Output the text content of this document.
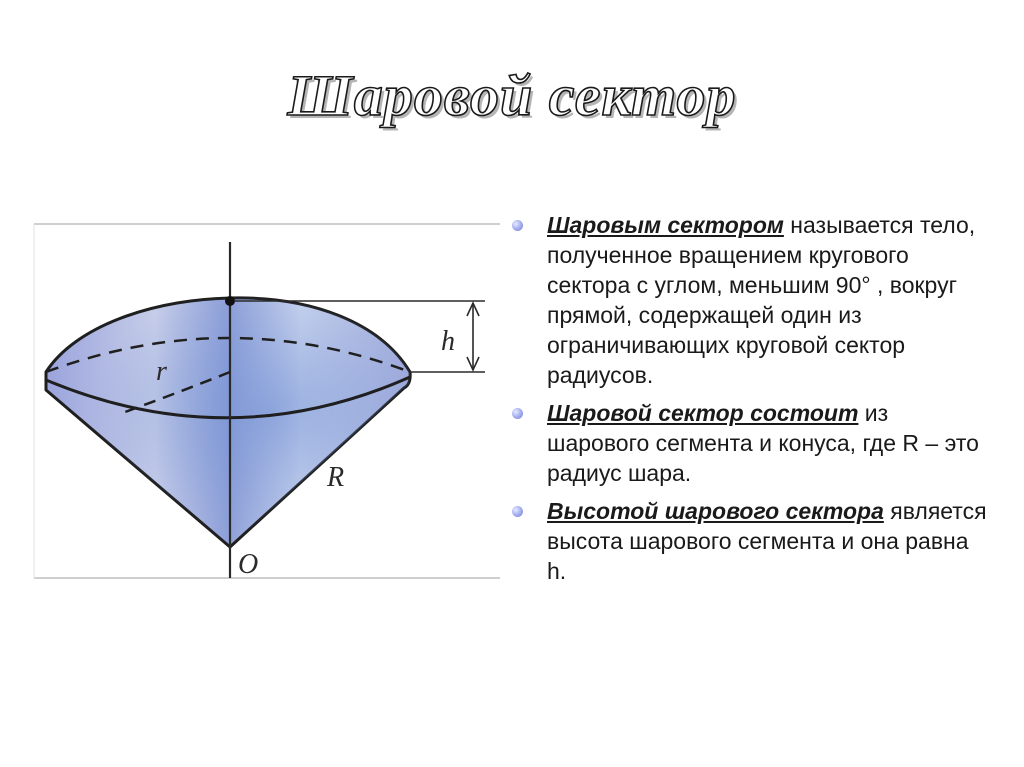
Шаровой сектор
r
h
R
O
Шаровым сектором называется тело, полученное вращением кругового сектора с углом, меньшим 90° , вокруг прямой, содержащей один из ограничивающих круговой сектор радиусов.
Шаровой сектор состоит из шарового сегмента и конуса, где R – это радиус шара.
Высотой шарового сектора является высота шарового сегмента и она равна h.
